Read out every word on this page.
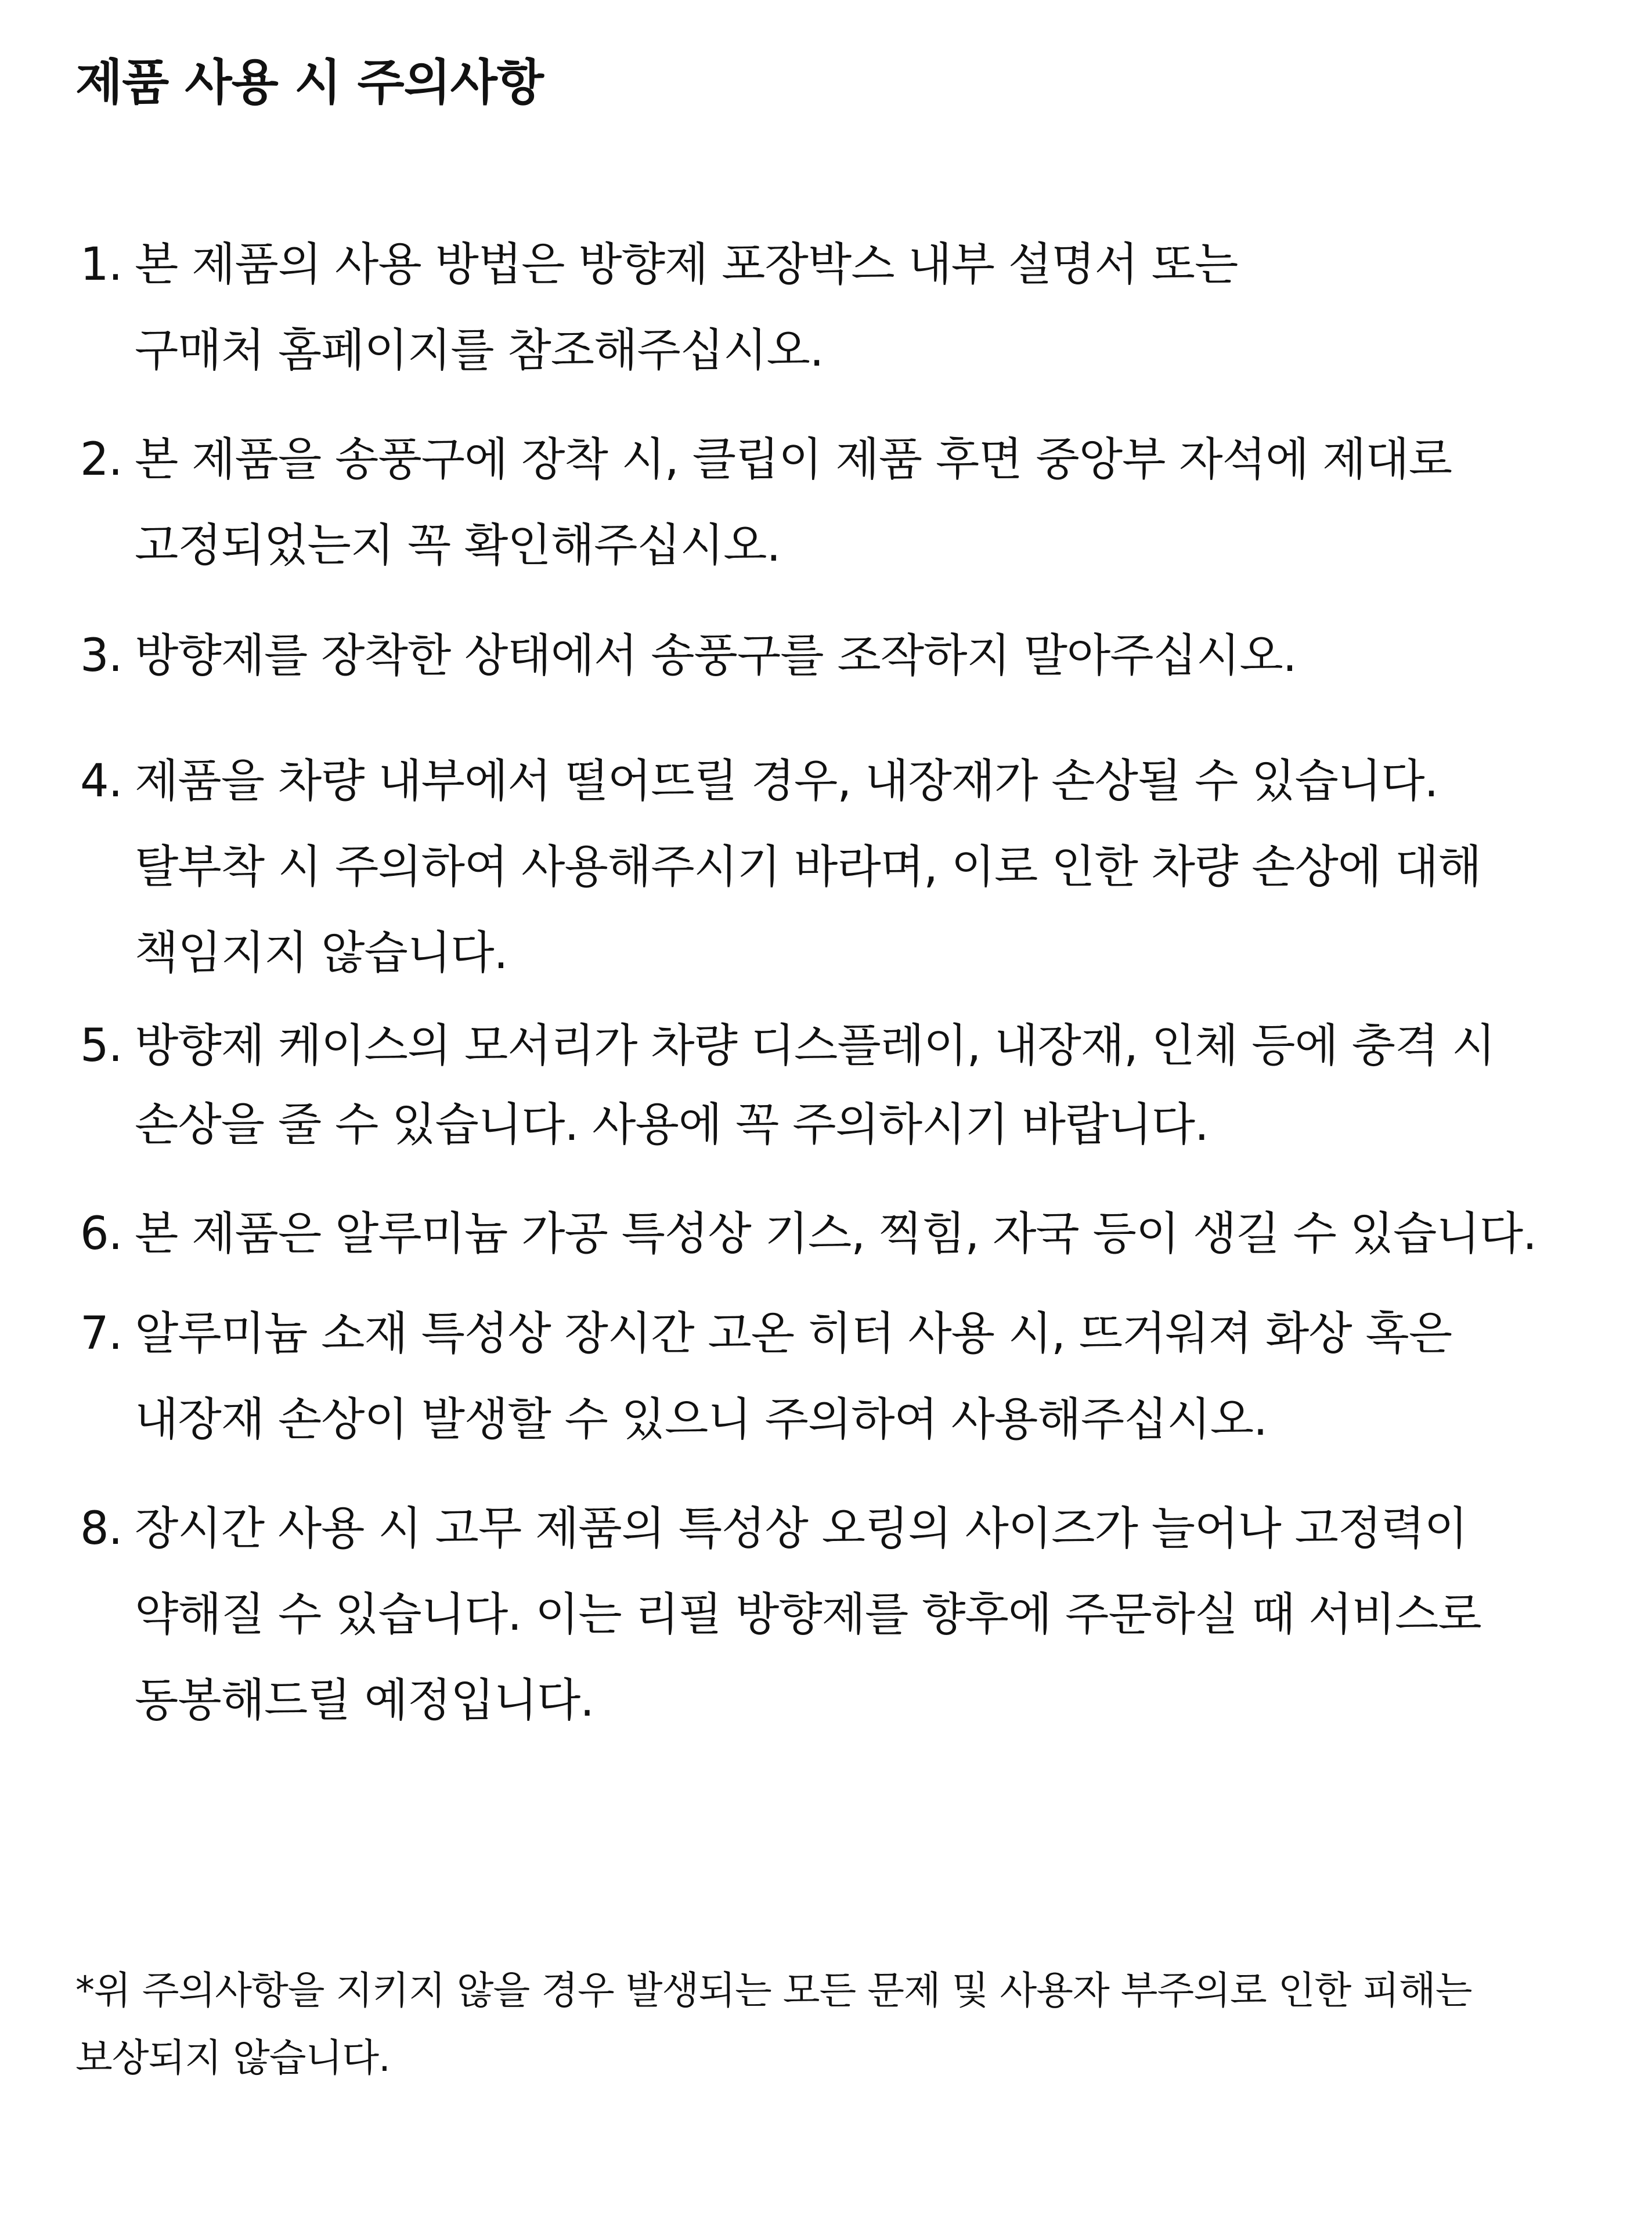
제품 사용 시 주의사항
1. 본 제품의 사용 방법은 방향제 포장박스 내부 설명서 또는
구매처 홈페이지를 참조해주십시오.
2. 본 제품을 송풍구에 장착 시, 클립이 제품 후면 중앙부 자석에 제대로
고정되었는지 꼭 확인해주십시오.
3. 방향제를 장착한 상태에서 송풍구를 조작하지 말아주십시오.
4. 제품을 차량 내부에서 떨어뜨릴 경우, 내장재가 손상될 수 있습니다.
탈부착 시 주의하여 사용해주시기 바라며, 이로 인한 차량 손상에 대해
책임지지 않습니다.
5. 방향제 케이스의 모서리가 차량 디스플레이, 내장재, 인체 등에 충격 시
손상을 줄 수 있습니다. 사용에 꼭 주의하시기 바랍니다.
6. 본 제품은 알루미늄 가공 특성상 기스, 찍힘, 자국 등이 생길 수 있습니다.
7. 알루미늄 소재 특성상 장시간 고온 히터 사용 시, 뜨거워져 화상 혹은
내장재 손상이 발생할 수 있으니 주의하여 사용해주십시오.
8. 장시간 사용 시 고무 제품의 특성상 오링의 사이즈가 늘어나 고정력이
약해질 수 있습니다. 이는 리필 방향제를 향후에 주문하실 때 서비스로
동봉해드릴 예정입니다.
*위 주의사항을 지키지 않을 경우 발생되는 모든 문제 및 사용자 부주의로 인한 피해는
보상되지 않습니다.
